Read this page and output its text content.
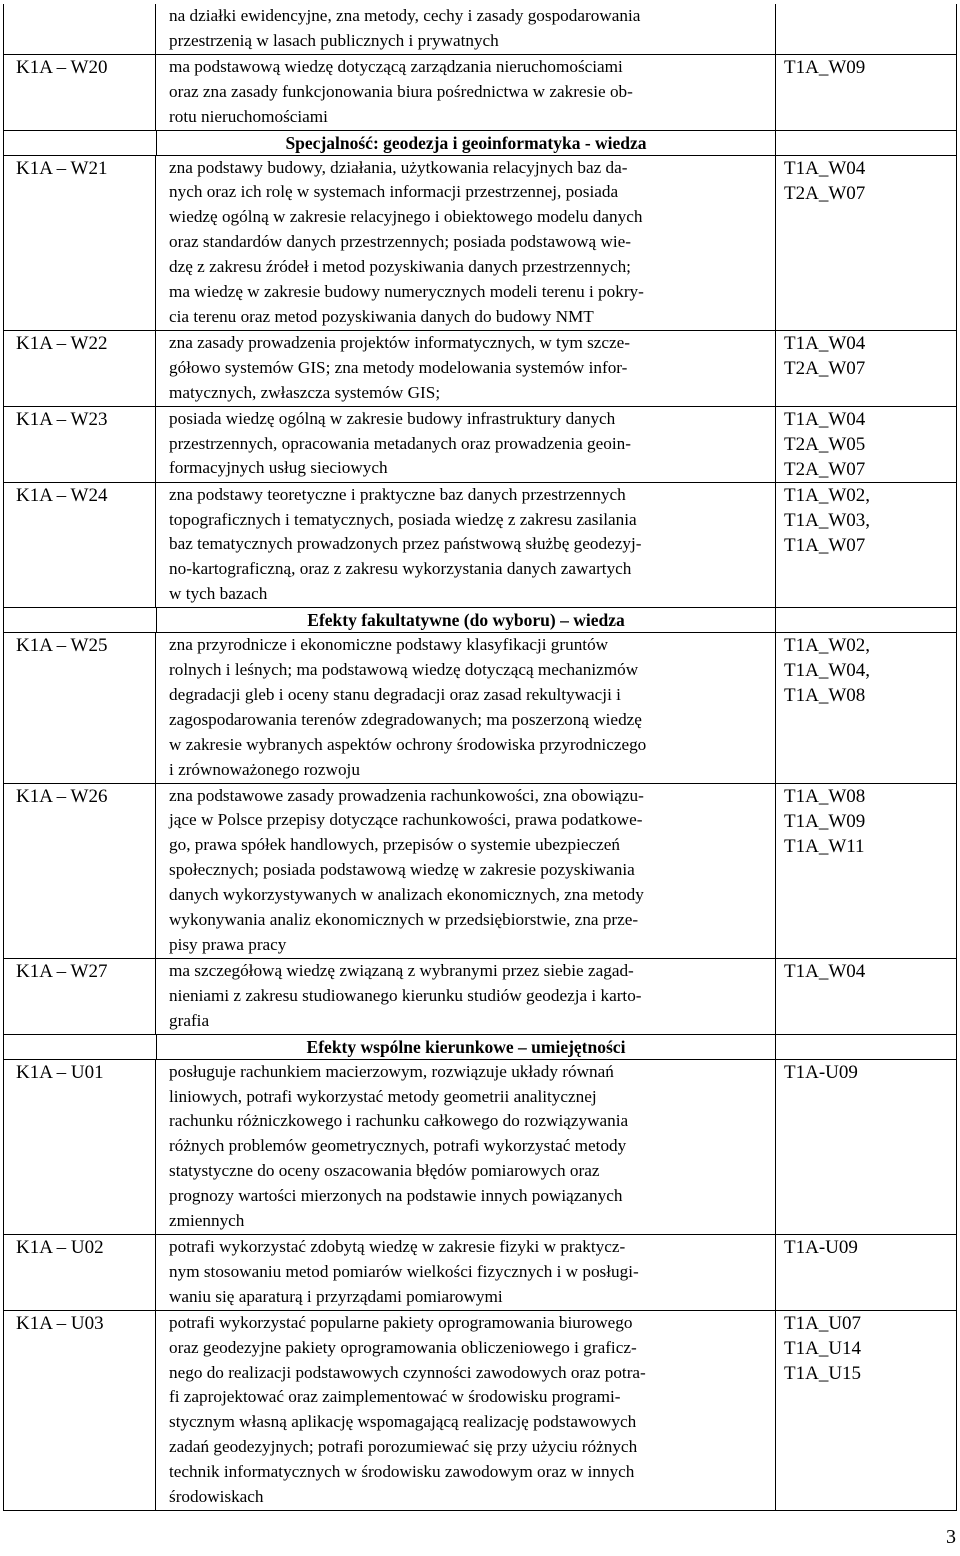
na działki ewidencyjne, zna metody, cechy i zasady gospodarowania
przestrzenią w lasach publicznych i prywatnych
K1A – W20	ma podstawową wiedzę dotyczącą zarządzania nieruchomościami
oraz zna zasady funkcjonowania biura pośrednictwa w zakresie ob-
rotu nieruchomościami
T1A_W09
Specjalność: geodezja i geoinformatyka - wiedza
K1A – W21	zna podstawy budowy, działania, użytkowania relacyjnych baz da-
nych oraz ich rolę w systemach informacji przestrzennej, posiada
wiedzę ogólną w zakresie relacyjnego i obiektowego modelu danych
oraz standardów danych przestrzennych; posiada podstawową wie-
dzę z zakresu źródeł i metod pozyskiwania danych przestrzennych;
ma wiedzę w zakresie budowy numerycznych modeli terenu i pokry-
cia terenu oraz metod pozyskiwania danych do budowy NMT
T1A_W04
T2A_W07
K1A – W22	zna zasady prowadzenia projektów informatycznych, w tym szcze-
gółowo systemów GIS; zna metody modelowania systemów infor-
matycznych, zwłaszcza systemów GIS;
T1A_W04
T2A_W07
K1A – W23	posiada wiedzę ogólną w zakresie budowy infrastruktury danych
przestrzennych, opracowania metadanych oraz prowadzenia geoin-
formacyjnych usług sieciowych
T1A_W04
T2A_W05
T2A_W07
K1A – W24	zna podstawy teoretyczne i praktyczne baz danych przestrzennych
topograficznych i tematycznych, posiada wiedzę z zakresu zasilania
baz tematycznych prowadzonych przez państwową służbę geodezyj-
no-kartograficzną, oraz z zakresu wykorzystania danych zawartych
w tych bazach
T1A_W02,
T1A_W03,
T1A_W07
Efekty fakultatywne (do wyboru) – wiedza
K1A – W25	zna przyrodnicze i ekonomiczne podstawy klasyfikacji gruntów
rolnych i leśnych; ma podstawową wiedzę dotyczącą mechanizmów
degradacji gleb i oceny stanu degradacji oraz zasad rekultywacji i
zagospodarowania terenów zdegradowanych; ma poszerzoną wiedzę
w zakresie wybranych aspektów ochrony środowiska przyrodniczego
i zrównoważonego rozwoju
T1A_W02,
T1A_W04,
T1A_W08
K1A – W26	zna podstawowe zasady prowadzenia rachunkowości, zna obowiązu-
jące w Polsce przepisy dotyczące rachunkowości, prawa podatkowe-
go, prawa spółek handlowych, przepisów o systemie ubezpieczeń
społecznych; posiada podstawową wiedzę w zakresie pozyskiwania
danych wykorzystywanych w analizach ekonomicznych, zna metody
wykonywania analiz ekonomicznych w przedsiębiorstwie, zna prze-
pisy prawa pracy
T1A_W08
T1A_W09
T1A_W11
K1A – W27	ma szczegółową wiedzę związaną z wybranymi przez siebie zagad-
nieniami z zakresu studiowanego kierunku studiów geodezja i karto-
grafia
T1A_W04
Efekty wspólne kierunkowe – umiejętności
K1A – U01	posługuje rachunkiem macierzowym, rozwiązuje układy równań
liniowych, potrafi wykorzystać metody geometrii analitycznej
rachunku różniczkowego i rachunku całkowego do rozwiązywania
różnych problemów geometrycznych, potrafi wykorzystać metody
statystyczne do oceny oszacowania błędów pomiarowych oraz
prognozy wartości mierzonych na podstawie innych powiązanych
zmiennych
T1A-U09
K1A – U02	potrafi wykorzystać zdobytą wiedzę w zakresie fizyki w praktycz-
nym stosowaniu metod pomiarów wielkości fizycznych i w posługi-
waniu się aparaturą i przyrządami pomiarowymi
T1A-U09
K1A – U03	potrafi wykorzystać popularne pakiety oprogramowania biurowego
oraz geodezyjne pakiety oprogramowania obliczeniowego i graficz-
nego do realizacji podstawowych czynności zawodowych oraz potra-
fi zaprojektować oraz zaimplementować w środowisku programi-
stycznym własną aplikację wspomagającą realizację podstawowych
zadań geodezyjnych; potrafi porozumiewać się przy użyciu różnych
technik informatycznych w środowisku zawodowym oraz w innych
środowiskach
T1A_U07
T1A_U14
T1A_U15
3
